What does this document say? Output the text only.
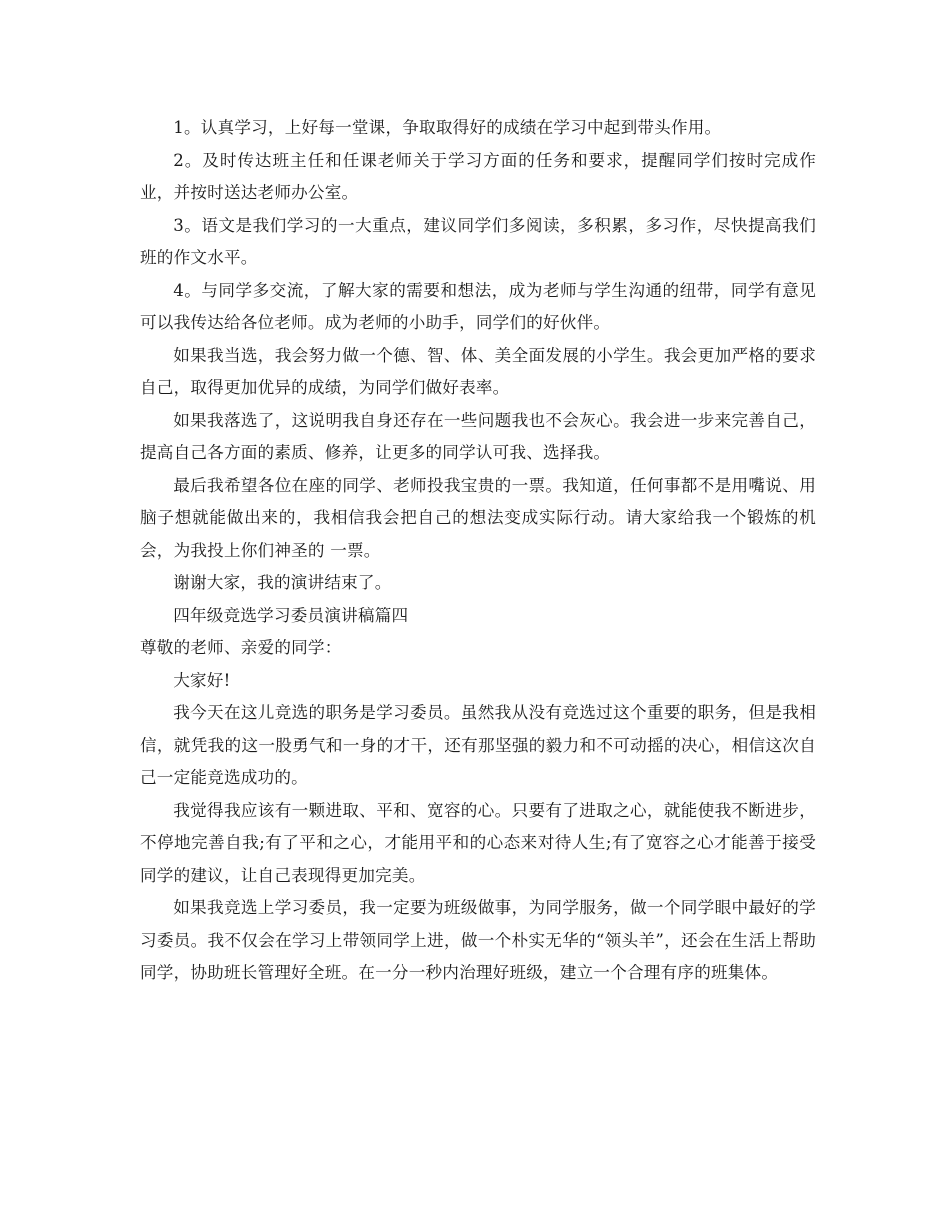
1。认真学习，上好每一堂课，争取取得好的成绩在学习中起到带头作用。

2。及时传达班主任和任课老师关于学习方面的任务和要求，提醒同学们按时完成作业，并按时送达老师办公室。

3。语文是我们学习的一大重点，建议同学们多阅读，多积累，多习作，尽快提高我们班的作文水平。

4。与同学多交流，了解大家的需要和想法，成为老师与学生沟通的纽带，同学有意见可以我传达给各位老师。成为老师的小助手，同学们的好伙伴。

如果我当选，我会努力做一个德、智、体、美全面发展的小学生。我会更加严格的要求自己，取得更加优异的成绩，为同学们做好表率。

如果我落选了，这说明我自身还存在一些问题我也不会灰心。我会进一步来完善自己，提高自己各方面的素质、修养，让更多的同学认可我、选择我。

最后我希望各位在座的同学、老师投我宝贵的一票。我知道，任何事都不是用嘴说、用脑子想就能做出来的，我相信我会把自己的想法变成实际行动。请大家给我一个锻炼的机会，为我投上你们神圣的 一票。

谢谢大家，我的演讲结束了。

四年级竞选学习委员演讲稿篇四

尊敬的老师、亲爱的同学：

大家好!

我今天在这儿竞选的职务是学习委员。虽然我从没有竞选过这个重要的职务，但是我相信，就凭我的这一股勇气和一身的才干，还有那坚强的毅力和不可动摇的决心，相信这次自己一定能竞选成功的。

我觉得我应该有一颗进取、平和、宽容的心。只要有了进取之心，就能使我不断进步，不停地完善自我;有了平和之心，才能用平和的心态来对待人生;有了宽容之心才能善于接受同学的建议，让自己表现得更加完美。

如果我竞选上学习委员，我一定要为班级做事，为同学服务，做一个同学眼中最好的学习委员。我不仅会在学习上带领同学上进，做一个朴实无华的“领头羊”，还会在生活上帮助同学，协助班长管理好全班。在一分一秒内治理好班级，建立一个合理有序的班集体。
